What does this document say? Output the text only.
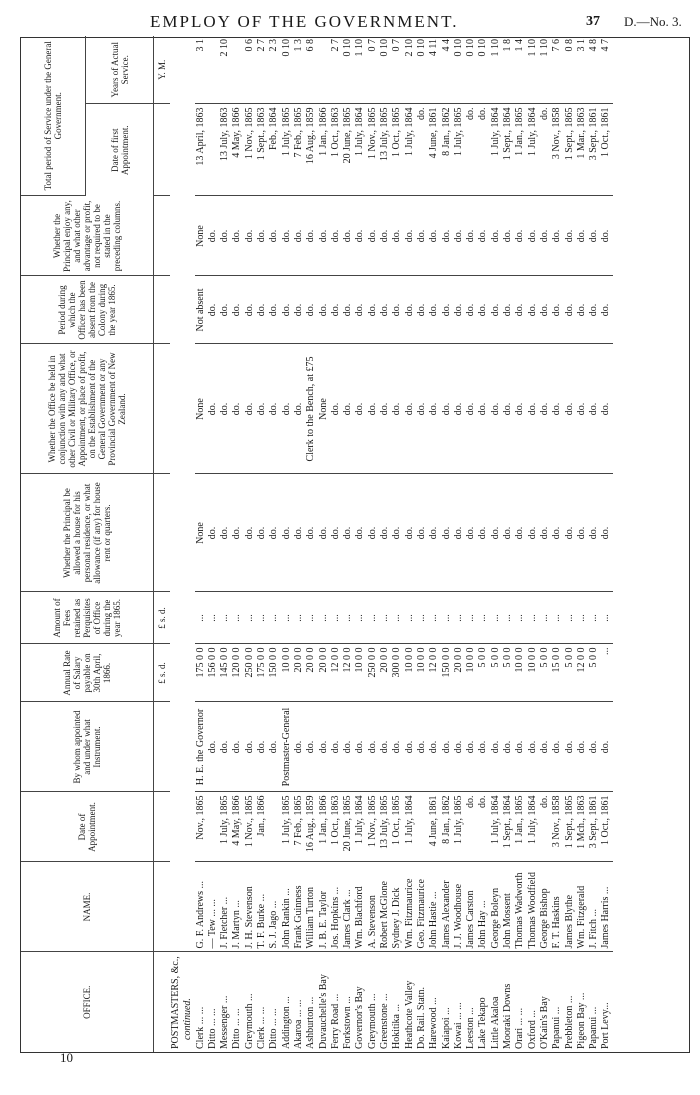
EMPLOY OF THE GOVERNMENT.	37 D.—No. 3.
OFFICE.	NAME.	Date of Appointment.	By whom appointed and under what Instrument.	Annual Rate of Salary payable on 30th April, 1866.	Amount of Fees retained as Perquisites of Office during the year 1865.	Whether the Principal be allowed a house for his personal residence, or what allowance (if any) for house rent or quarters.	Whether the Office be held in conjunction with any and what other Civil or Military Office, or Appointment, or place of profit, on the Establishment of the General Government or any Provincial Government of New Zealand.	Period during which the Officer has been absent from the Colony during the year 1865.	Whether the Principal enjoy any, and what other advantage or profit, not required to be stated in the preceding columns.	Total period of Service under the General Government.	
										Date of first Appointment.	Years of Actual Service.
				£ s. d.	£ s. d.						Y. M.
POSTMASTERS, &c.,											
continued.											
Clerk ... ...	G. F. Andrews ...	Nov., 1865	H. E. the Governor	175 0 0	...	None	None	Not absent	None	13 April, 1863	3 1
Ditto ... ...	— Tew ... ...		do.	156 0 0	...	do.	do.	do.	do.		
Messenger ...	J. Fletcher ...	1 July, 1865	do.	145 0 0	...	do.	do.	do.	do.	13 July, 1863	2 10
Ditto ... ...	J. Martyn ...	4 May, 1866	do.	120 0 0	...	do.	do.	do.	do.	4 May, 1866	
Greymouth ...	J. H. Stevenson	1 Nov., 1865	do.	250 0 0	...	do.	do.	do.	do.	1 Nov., 1865	0 6
Clerk ... ...	T. F. Burke ...	Jan., 1866	do.	175 0 0	...	do.	do.	do.	do.	1 Sept., 1863	2 7
Ditto ... ...	S. J. Jago ...		do.	150 0 0	...	do.	do.	do.	do.	Feb., 1864	2 3
Addington ...	John Rankin ...	1 July, 1865	Postmaster-General	10 0 0	...	do.	do.	do.	do.	1 July, 1865	0 10
Akaroa ... ...	Frank Guinness	7 Feb., 1865	do.	20 0 0	...	do.	do.	do.	do.	7 Feb., 1865	1 3
Ashburton ...	William Turton	16 Aug., 1859	do.	20 0 0	...	do.	Clerk to the Bench, at £75	do.	do.	16 Aug., 1859	6 8
Duvauchelle's Bay	J. B. E. Taylor	1 Jan., 1866	do.	20 0 0	...	do.	None	do.	do.	1 Jan., 1866	
Ferry Road ...	Jos. Hopkins ...	1 Oct., 1863	do.	12 0 0	...	do.	do.	do.	do.	1 Oct., 1863	2 7
Forkstown ...	James Clark ...	20 June, 1865	do.	12 0 0	...	do.	do.	do.	do.	20 June, 1865	0 10
Governor's Bay	Wm. Blachford	1 July, 1864	do.	10 0 0	...	do.	do.	do.	do.	1 July, 1864	1 10
Greymouth ...	A. Stevenson	1 Nov., 1865	do.	250 0 0	...	do.	do.	do.	do.	1 Nov., 1865	0 7
Greenstone ...	Robert McGlone	13 July, 1865	do.	20 0 0	...	do.	do.	do.	do.	13 July, 1865	0 10
Hokitika ...	Sydney J. Dick	1 Oct., 1865	do.	300 0 0	...	do.	do.	do.	do.	1 Oct., 1865	0 7
Heathcote Valley	Wm. Fitzmaurice	1 July, 1864	do.	10 0 0	...	do.	do.	do.	do.	1 July, 1864	2 10
Do. Rail. Statn.	Geo. Fitzmaurice		do.	10 0 0	...	do.	do.	do.	do.	do.	0 10
Harewood ...	John Hastie ...	4 June, 1861	do.	12 0 0	...	do.	do.	do.	do.	4 June, 1861	4 11
Kaiapoi ...	James Alexander	8 Jan., 1862	do.	150 0 0	...	do.	do.	do.	do.	8 Jan., 1862	4 4
Kowai ... ...	J. J. Woodhouse	1 July, 1865	do.	20 0 0	...	do.	do.	do.	do.	1 July, 1865	0 10
Leeston ...	James Carston	do.	do.	10 0 0	...	do.	do.	do.	do.	do.	0 10
Lake Tekapo	John Hay ...	do.	do.	5 0 0	...	do.	do.	do.	do.	do.	0 10
Little Akaloa	George Boleyn	1 July, 1864	do.	5 0 0	...	do.	do.	do.	do.	1 July, 1864	1 10
Mooraki Downs	John Mossent	1 Sept., 1864	do.	5 0 0	...	do.	do.	do.	do.	1 Sept., 1864	1 8
Orari ... ...	Thomas Wadworth	1 Jan., 1865	do.	10 0 0	...	do.	do.	do.	do.	1 Jan., 1865	1 4
Oxford ...	Thomas Woodfield	1 July, 1864	do.	10 0 0	...	do.	do.	do.	do.	1 July, 1864	1 10
O'Kain's Bay	George Bishop	do.	do.	5 0 0	...	do.	do.	do.	do.	do.	1 10
Papanui ...	F. T. Haskins	3 Nov., 1858	do.	15 0 0	...	do.	do.	do.	do.	3 Nov., 1858	7 6
Prebbleton ...	James Blythe	1 Sept., 1865	do.	5 0 0	...	do.	do.	do.	do.	1 Sept., 1865	0 8
Pigeon Bay ...	Wm. Fitzgerald	1 Mch., 1863	do.	12 0 0	...	do.	do.	do.	do.	1 Mar., 1863	3 1
Papanui ...	J. Fitch ...	3 Sept., 1861	do.	5 0 0	...	do.	do.	do.	do.	3 Sept., 1861	4 8
Port Levy...	James Harris ...	1 Oct., 1861	do.	...	...	do.	do.	do.	do.	1 Oct., 1861	4 7
10
